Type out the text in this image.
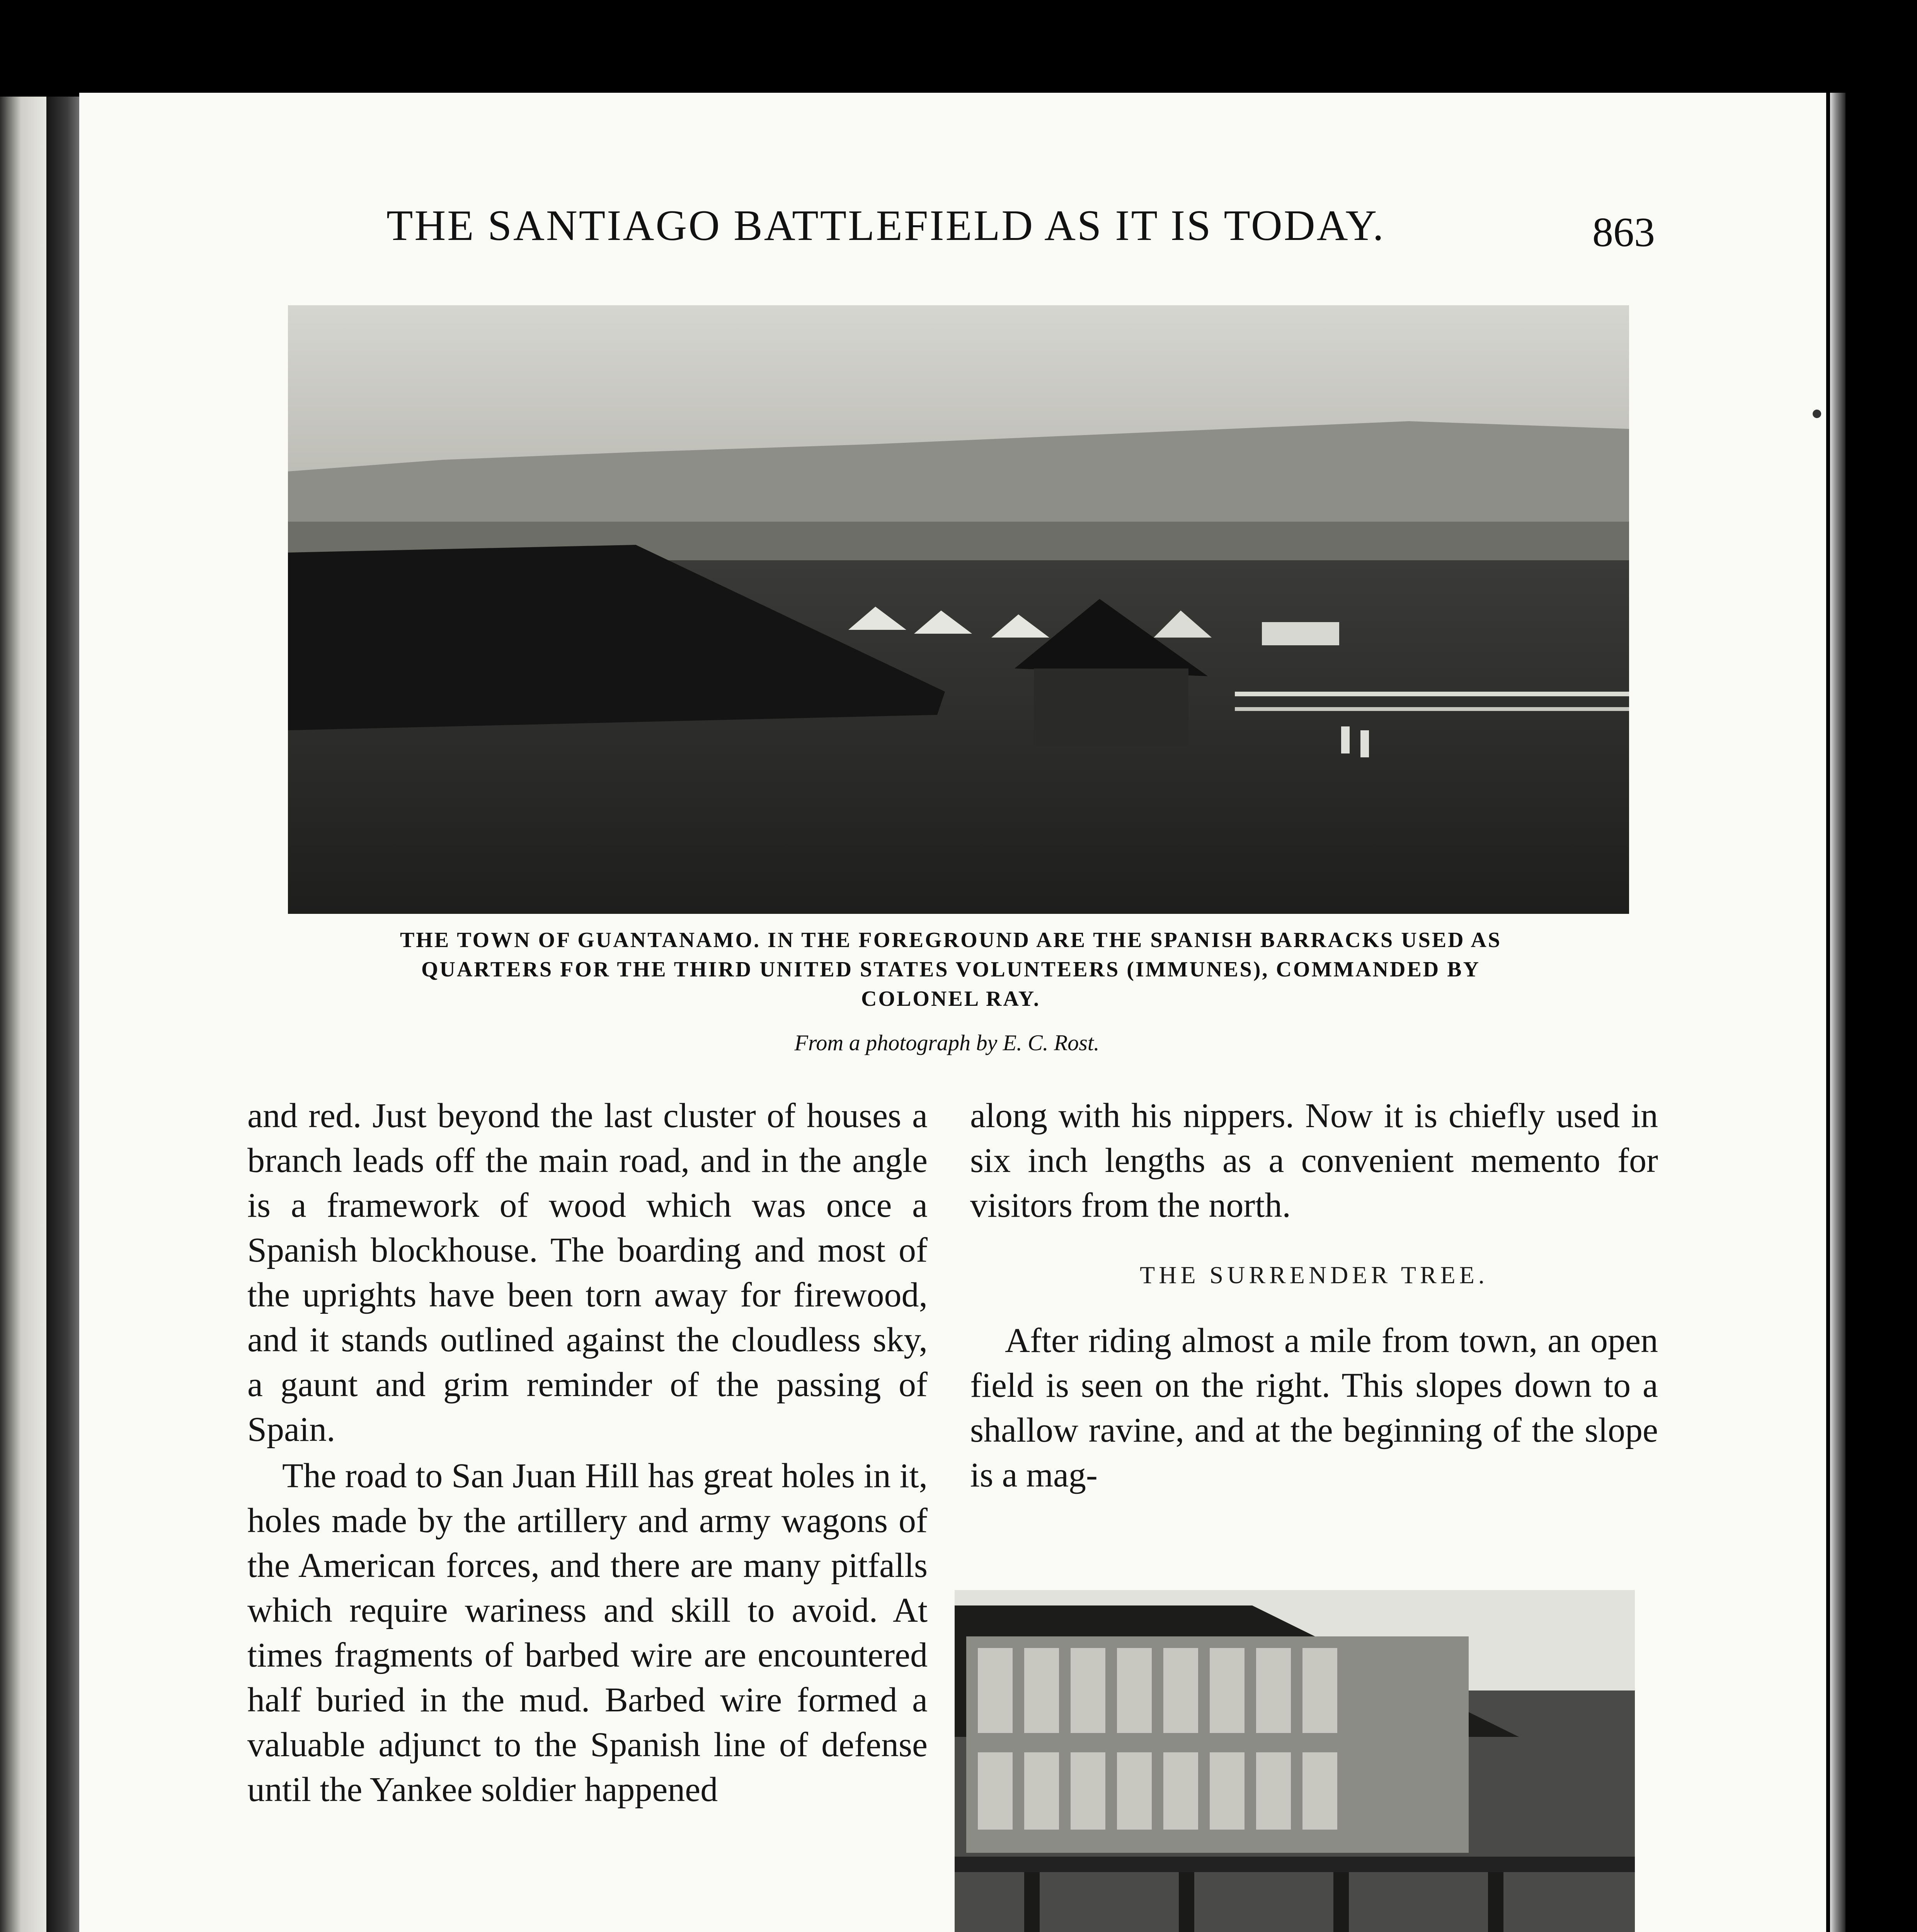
THE SANTIAGO BATTLEFIELD AS IT IS TODAY.	863
THE TOWN OF GUANTANAMO. IN THE FOREGROUND ARE THE SPANISH BARRACKS USED AS
QUARTERS FOR THE THIRD UNITED STATES VOLUNTEERS (IMMUNES), COMMANDED BY
COLONEL RAY.
From a photograph by E. C. Rost.

and red. Just beyond the last cluster of houses a branch leads off the main road, and in the angle is a framework of wood which was once a Spanish blockhouse. The boarding and most of the uprights have been torn away for firewood, and it stands outlined against the cloudless sky, a gaunt and grim reminder of the passing of Spain.

The road to San Juan Hill has great holes in it, holes made by the artillery and army wagons of the American forces, and there are many pitfalls which require wariness and skill to avoid. At times fragments of barbed wire are encountered half buried in the mud. Barbed wire formed a valuable adjunct to the Spanish line of defense until the Yankee soldier happened

along with his nippers. Now it is chiefly used in six inch lengths as a convenient memento for visitors from the north.

THE SURRENDER TREE.

After riding almost a mile from town, an open field is seen on the right. This slopes down to a shallow ravine, and at the beginning of the slope is a mag-
